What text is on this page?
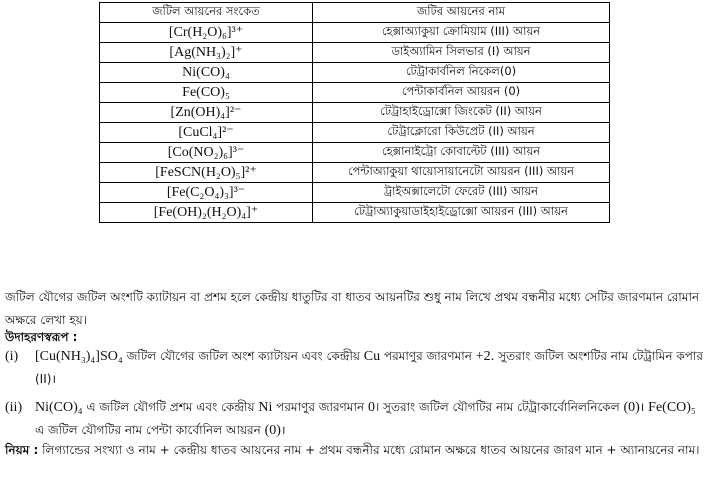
জটিল আয়নের সংকেত	জটির আয়নের নাম
[Cr(H₂O)₆]³⁺	হেক্সাঅ্যাকুয়া ক্রোমিয়াম (III) আয়ন
[Ag(NH₃)₂]⁺	ডাইঅ্যামিন সিলভার (I) আয়ন
Ni(CO)₄	টেট্রাকার্বনিল নিকেল(0)
Fe(CO)₅	পেন্টাকার্বনিল আয়রন (0)
[Zn(OH)₄]²⁻	টেট্রাহাইড্রোক্সো জিংকেট (II) আয়ন
[CuCl₄]²⁻	টেট্রাক্লোরো কিউপ্রেট (II) আয়ন
[Co(NO₂)₆]³⁻	হেক্সানাইট্রো কোবাল্টেট (III) আয়ন
[FeSCN(H₂O)₅]²⁺	পেন্টাঅ্যাকুয়া থায়োসায়ানেটো আয়রন (III) আয়ন
[Fe(C₂O₄)₃]³⁻	ট্রাইঅক্সালেটো ফেরেট (III) আয়ন
[Fe(OH)₂(H₂O)₄]⁺	টেট্রাঅ্যাকুয়াডাইহাইড্রোক্সো আয়রন (III) আয়ন
জটিল যৌগের জটিল অংশটি ক্যাটায়ন বা প্রশম হলে কেন্দ্রীয় ধাতুটির বা ধাতব আয়নটির শুধু নাম লিখে প্রথম বন্ধনীর মধ্যে সেটির জারণমান রোমান অক্ষরে লেখা হয়।
উদাহরণস্বরূপ :
(i) [Cu(NH₃)₄]SO₄ জটিল যৌগের জটিল অংশ ক্যাটায়ন এবং কেন্দ্রীয় Cu পরমাণুর জারণমান +2. সুতরাং জটিল অংশটির নাম টেট্রামিন কপার (II)।
(ii) Ni(CO)₄ এ জটিল যৌগটি প্রশম এবং কেন্দ্রীয় Ni পরমাণুর জারণমান 0। সুতরাং জটিল যৌগটির নাম টেট্রাকার্বোনিলনিকেল (0)। Fe(CO)₅ এ জটিল যৌগটির নাম পেন্টা কার্বোনিল আয়রন (0)।
নিয়ম : লিগ্যান্ডের সংখ্যা ও নাম + কেন্দ্রীয় ধাতব আয়নের নাম + প্রথম বন্ধনীর মধ্যে রোমান অক্ষরে ধাতব আয়নের জারণ মান + অ্যানায়নের নাম।
